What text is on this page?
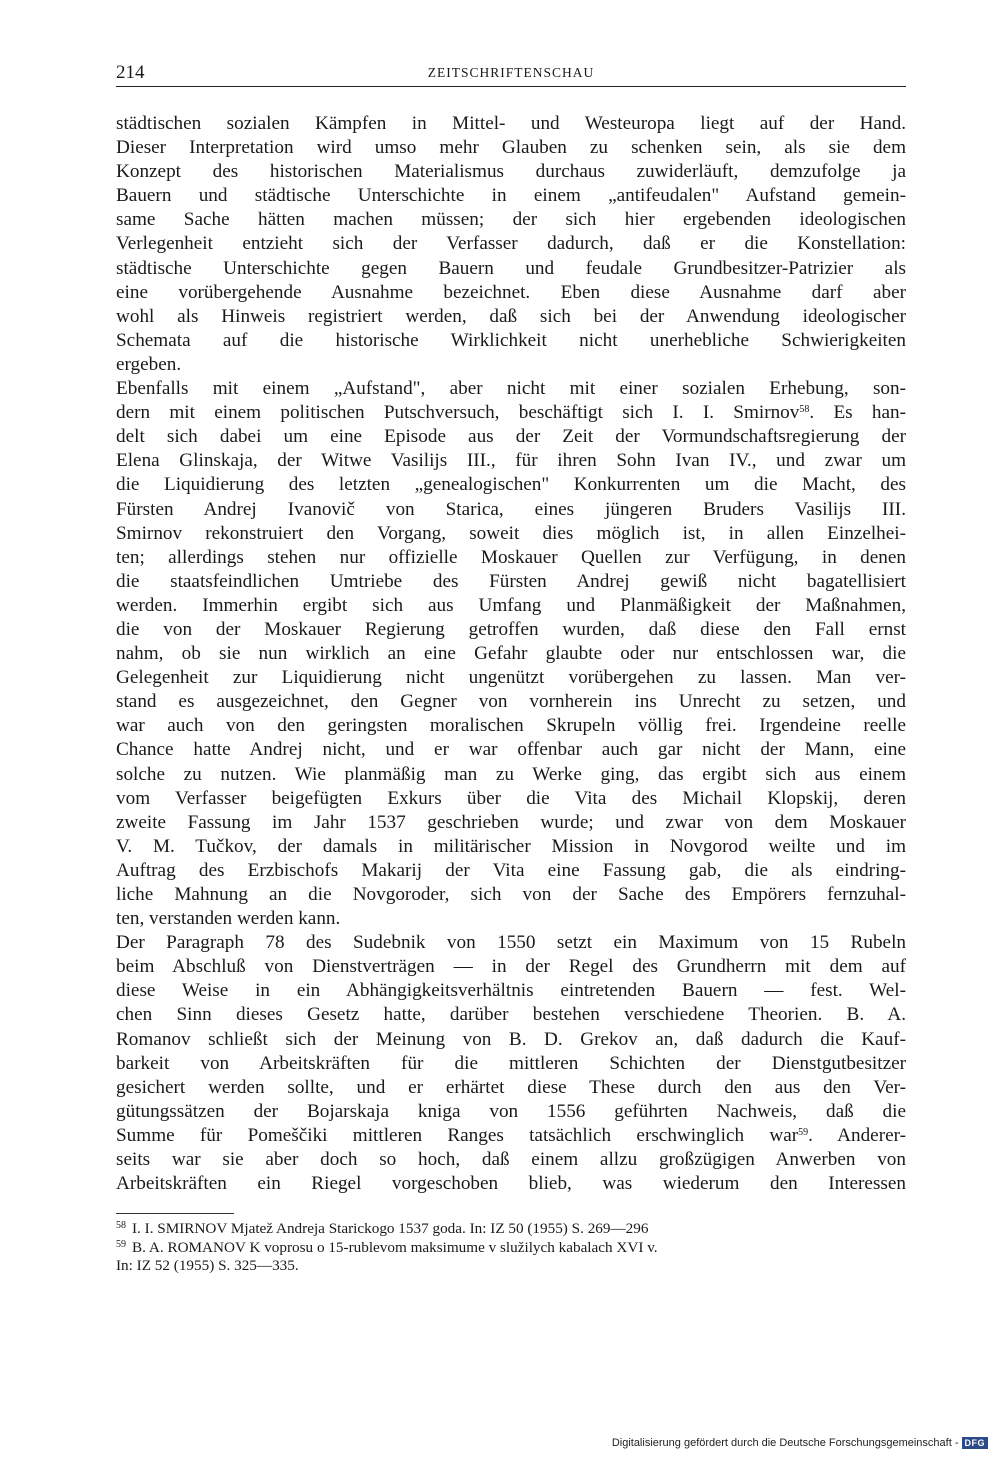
214	ZEITSCHRIFTENSCHAU
städtischen sozialen Kämpfen in Mittel- und Westeuropa liegt auf der Hand.
Dieser Interpretation wird umso mehr Glauben zu schenken sein, als sie dem
Konzept des historischen Materialismus durchaus zuwiderläuft, demzufolge ja
Bauern und städtische Unterschichte in einem „antifeudalen" Aufstand gemein-
same Sache hätten machen müssen; der sich hier ergebenden ideologischen
Verlegenheit entzieht sich der Verfasser dadurch, daß er die Konstellation:
städtische Unterschichte gegen Bauern und feudale Grundbesitzer-Patrizier als
eine vorübergehende Ausnahme bezeichnet. Eben diese Ausnahme darf aber
wohl als Hinweis registriert werden, daß sich bei der Anwendung ideologischer
Schemata auf die historische Wirklichkeit nicht unerhebliche Schwierigkeiten
ergeben.
Ebenfalls mit einem „Aufstand", aber nicht mit einer sozialen Erhebung, son-
dern mit einem politischen Putschversuch, beschäftigt sich I. I. Smirnov$^{58}$. Es han-
delt sich dabei um eine Episode aus der Zeit der Vormundschaftsregierung der
Elena Glinskaja, der Witwe Vasilijs III., für ihren Sohn Ivan IV., und zwar um
die Liquidierung des letzten „genealogischen" Konkurrenten um die Macht, des
Fürsten Andrej Ivanovič von Starica, eines jüngeren Bruders Vasilijs III.
Smirnov rekonstruiert den Vorgang, soweit dies möglich ist, in allen Einzelhei-
ten; allerdings stehen nur offizielle Moskauer Quellen zur Verfügung, in denen
die staatsfeindlichen Umtriebe des Fürsten Andrej gewiß nicht bagatellisiert
werden. Immerhin ergibt sich aus Umfang und Planmäßigkeit der Maßnahmen,
die von der Moskauer Regierung getroffen wurden, daß diese den Fall ernst
nahm, ob sie nun wirklich an eine Gefahr glaubte oder nur entschlossen war, die
Gelegenheit zur Liquidierung nicht ungenützt vorübergehen zu lassen. Man ver-
stand es ausgezeichnet, den Gegner von vornherein ins Unrecht zu setzen, und
war auch von den geringsten moralischen Skrupeln völlig frei. Irgendeine reelle
Chance hatte Andrej nicht, und er war offenbar auch gar nicht der Mann, eine
solche zu nutzen. Wie planmäßig man zu Werke ging, das ergibt sich aus einem
vom Verfasser beigefügten Exkurs über die Vita des Michail Klopskij, deren
zweite Fassung im Jahr 1537 geschrieben wurde; und zwar von dem Moskauer
V. M. Tučkov, der damals in militärischer Mission in Novgorod weilte und im
Auftrag des Erzbischofs Makarij der Vita eine Fassung gab, die als eindring-
liche Mahnung an die Novgoroder, sich von der Sache des Empörers fernzuhal-
ten, verstanden werden kann.
Der Paragraph 78 des Sudebnik von 1550 setzt ein Maximum von 15 Rubeln
beim Abschluß von Dienstverträgen — in der Regel des Grundherrn mit dem auf
diese Weise in ein Abhängigkeitsverhältnis eintretenden Bauern — fest. Wel-
chen Sinn dieses Gesetz hatte, darüber bestehen verschiedene Theorien. B. A.
Romanov schließt sich der Meinung von B. D. Grekov an, daß dadurch die Kauf-
barkeit von Arbeitskräften für die mittleren Schichten der Dienstgutbesitzer
gesichert werden sollte, und er erhärtet diese These durch den aus den Ver-
gütungssätzen der Bojarskaja kniga von 1556 geführten Nachweis, daß die
Summe für Pomeščiki mittleren Ranges tatsächlich erschwinglich war$^{59}$. Anderer-
seits war sie aber doch so hoch, daß einem allzu großzügigen Anwerben von
Arbeitskräften ein Riegel vorgeschoben blieb, was wiederum den Interessen
$^{58}$ I. I. SMIRNOV Mjatež Andreja Starickogo 1537 goda. In: IZ 50 (1955) S. 269—296
$^{59}$ B. A. ROMANOV K voprosu o 15-rublevom maksimume v služilych kabalach XVI v.
In: IZ 52 (1955) S. 325—335.
Digitalisierung gefördert durch die Deutsche Forschungsgemeinschaft - DFG
